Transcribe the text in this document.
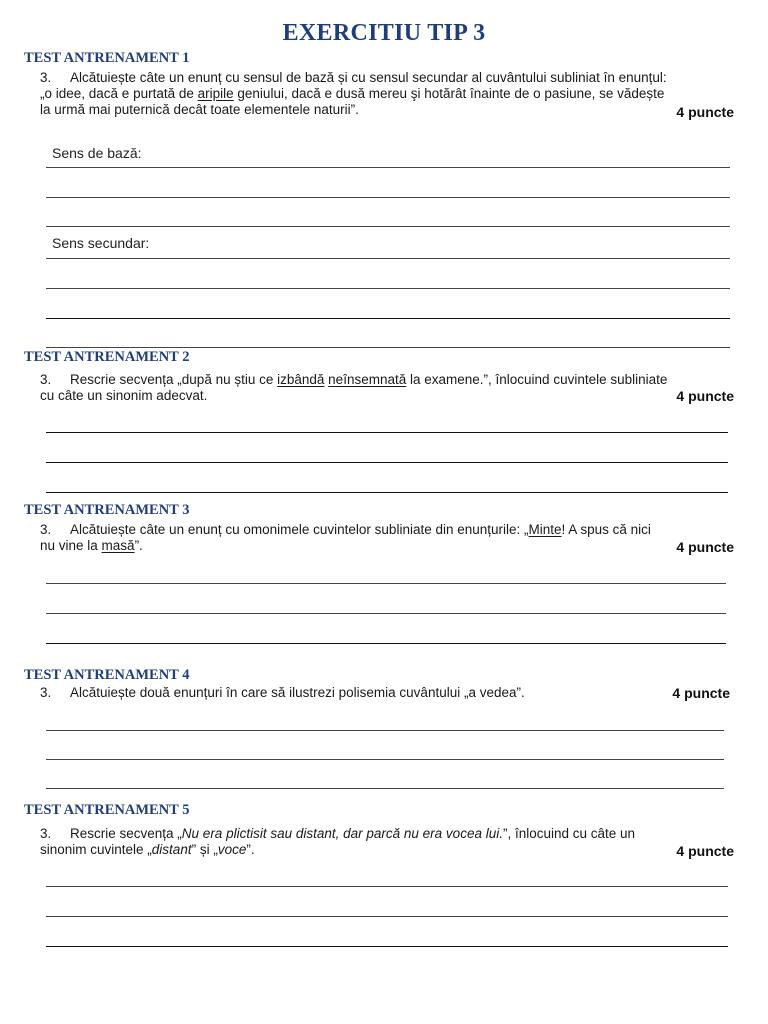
EXERCITIU TIP 3
TEST ANTRENAMENT 1
3. Alcătuiește câte un enunț cu sensul de bază și cu sensul secundar al cuvântului subliniat în enunțul:
„o idee, dacă e purtată de aripile geniului, dacă e dusă mereu şi hotărât înainte de o pasiune, se vădește
la urmă mai puternică decât toate elementele naturii”.	4 puncte
Sens de bază:
Sens secundar:
TEST ANTRENAMENT 2
3. Rescrie secvența „după nu știu ce izbândă neînsemnată la examene.”, înlocuind cuvintele subliniate
cu câte un sinonim adecvat.	4 puncte
TEST ANTRENAMENT 3
3. Alcătuiește câte un enunț cu omonimele cuvintelor subliniate din enunțurile: „Minte! A spus că nici
nu vine la masă”.	4 puncte
TEST ANTRENAMENT 4
3. Alcătuiește două enunțuri în care să ilustrezi polisemia cuvântului „a vedea”.	4 puncte
TEST ANTRENAMENT 5
3. Rescrie secvența „Nu era plictisit sau distant, dar parcă nu era vocea lui.”, înlocuind cu câte un
sinonim cuvintele „distant” și „voce”.	4 puncte
